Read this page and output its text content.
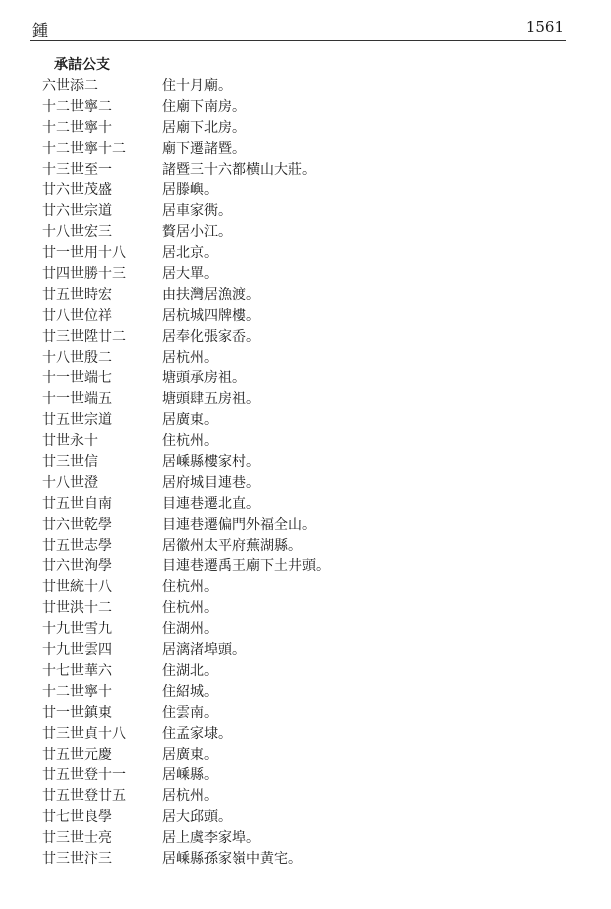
鍾	1561
承詰公支
六世添二	住十月廟。
十二世寧二	住廟下南房。
十二世寧十	居廟下北房。
十二世寧十二	廟下遷諸暨。
十三世至一	諸暨三十六都横山大莊。
廿六世茂盛	居滕嶼。
廿六世宗道	居車家衖。
十八世宏三	贅居小江。
廿一世用十八	居北京。
廿四世勝十三	居大單。
廿五世時宏	由扶灣居漁渡。
廿八世位祥	居杭城四牌樓。
廿三世陞廿二	居奉化張家岙。
十八世殷二	居杭州。
十一世端七	塘頭承房祖。
十一世端五	塘頭肆五房祖。
廿五世宗道	居廣東。
廿世永十	住杭州。
廿三世信	居嵊縣樓家村。
十八世澄	居府城目連巷。
廿五世自南	目連巷遷北直。
廿六世乾學	目連巷遷偏門外福全山。
廿五世志學	居徽州太平府蕪湖縣。
廿六世洵學	目連巷遷禹王廟下土井頭。
廿世統十八	住杭州。
廿世洪十二	住杭州。
十九世雪九	住湖州。
十九世雲四	居漓渚埠頭。
十七世華六	住湖北。
十二世寧十	住紹城。
廿一世鎮東	住雲南。
廿三世貞十八	住孟家埭。
廿五世元慶	居廣東。
廿五世登十一	居嵊縣。
廿五世登廿五	居杭州。
廿七世良學	居大邱頭。
廿三世士亮	居上虞李家埠。
廿三世汴三	居嵊縣孫家嶺中黄宅。
